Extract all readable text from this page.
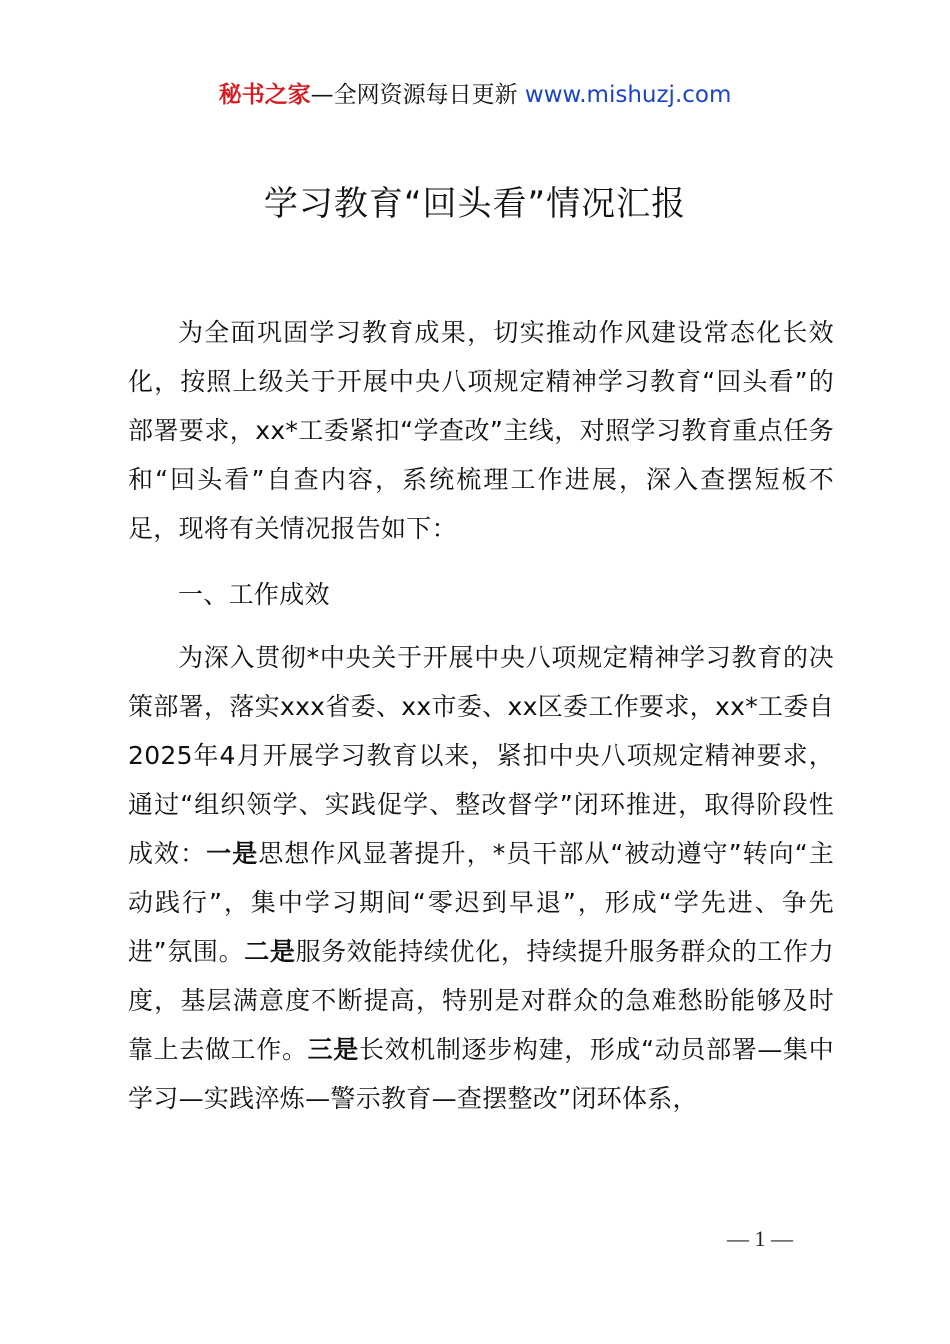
秘书之家—全网资源每日更新 www.mishuzj.com
学习教育“回头看”情况汇报

为全面巩固学习教育成果，切实推动作风建设常态化长效化，按照上级关于开展中央八项规定精神学习教育“回头看”的部署要求，xx*工委紧扣“学查改”主线，对照学习教育重点任务和“回头看”自查内容，系统梳理工作进展，深入查摆短板不足，现将有关情况报告如下：

一、工作成效

为深入贯彻*中央关于开展中央八项规定精神学习教育的决策部署，落实xxx省委、xx市委、xx区委工作要求，xx*工委自2025年4月开展学习教育以来，紧扣中央八项规定精神要求，通过“组织领学、实践促学、整改督学”闭环推进，取得阶段性成效：一是思想作风显著提升，*员干部从“被动遵守”转向“主动践行”，集中学习期间“零迟到早退”，形成“学先进、争先进”氛围。二是服务效能持续优化，持续提升服务群众的工作力度，基层满意度不断提高，特别是对群众的急难愁盼能够及时靠上去做工作。三是长效机制逐步构建，形成“动员部署—集中学习—实践淬炼—警示教育—查摆整改”闭环体系，

— 1 —
